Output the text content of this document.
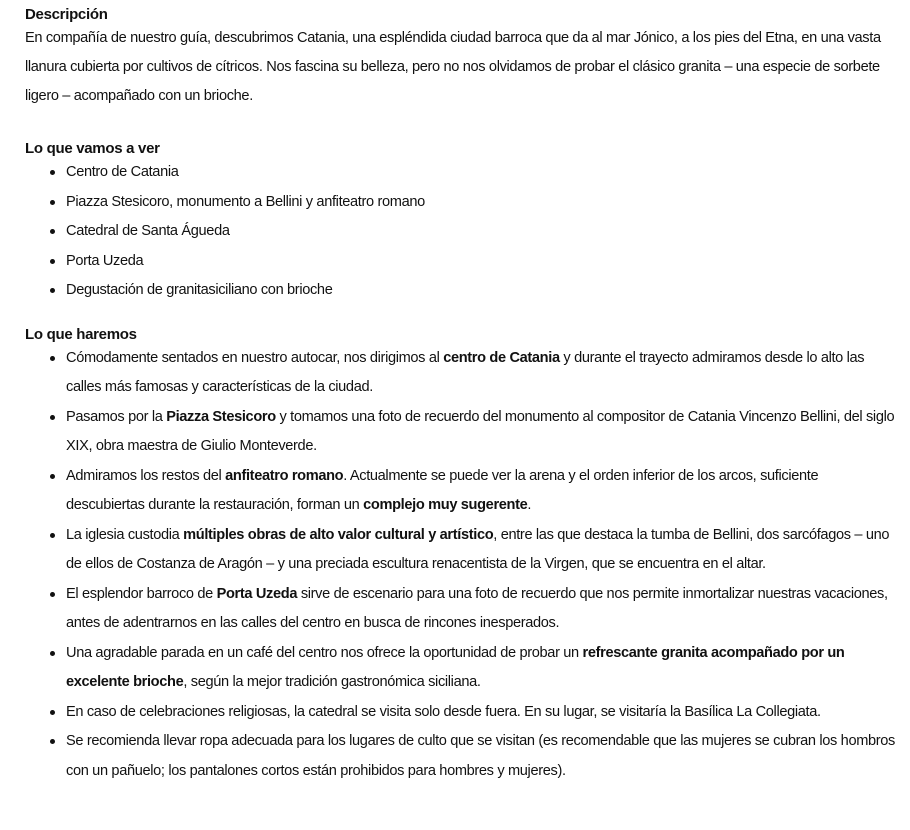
Descripción

En compañía de nuestro guía, descubrimos Catania, una espléndida ciudad barroca que da al mar Jónico, a los pies del Etna, en una vasta llanura cubierta por cultivos de cítricos. Nos fascina su belleza, pero no nos olvidamos de probar el clásico granita – una especie de sorbete ligero – acompañado con un brioche.

Lo que vamos a ver
Centro de Catania
Piazza Stesicoro, monumento a Bellini y anfiteatro romano
Catedral de Santa Águeda
Porta Uzeda
Degustación de granitasiciliano con brioche
Lo que haremos
Cómodamente sentados en nuestro autocar, nos dirigimos al centro de Catania y durante el trayecto admiramos desde lo alto las calles más famosas y características de la ciudad.
Pasamos por la Piazza Stesicoro y tomamos una foto de recuerdo del monumento al compositor de Catania Vincenzo Bellini, del siglo XIX, obra maestra de Giulio Monteverde.
Admiramos los restos del anfiteatro romano. Actualmente se puede ver la arena y el orden inferior de los arcos, suficiente descubiertas durante la restauración, forman un complejo muy sugerente.
La iglesia custodia múltiples obras de alto valor cultural y artístico, entre las que destaca la tumba de Bellini, dos sarcófagos – uno de ellos de Costanza de Aragón – y una preciada escultura renacentista de la Virgen, que se encuentra en el altar.
El esplendor barroco de Porta Uzeda sirve de escenario para una foto de recuerdo que nos permite inmortalizar nuestras vacaciones, antes de adentrarnos en las calles del centro en busca de rincones inesperados.
Una agradable parada en un café del centro nos ofrece la oportunidad de probar un refrescante granita acompañado por un excelente brioche, según la mejor tradición gastronómica siciliana.
En caso de celebraciones religiosas, la catedral se visita solo desde fuera. En su lugar, se visitaría la Basílica La Collegiata.
Se recomienda llevar ropa adecuada para los lugares de culto que se visitan (es recomendable que las mujeres se cubran los hombros con un pañuelo; los pantalones cortos están prohibidos para hombres y mujeres).
